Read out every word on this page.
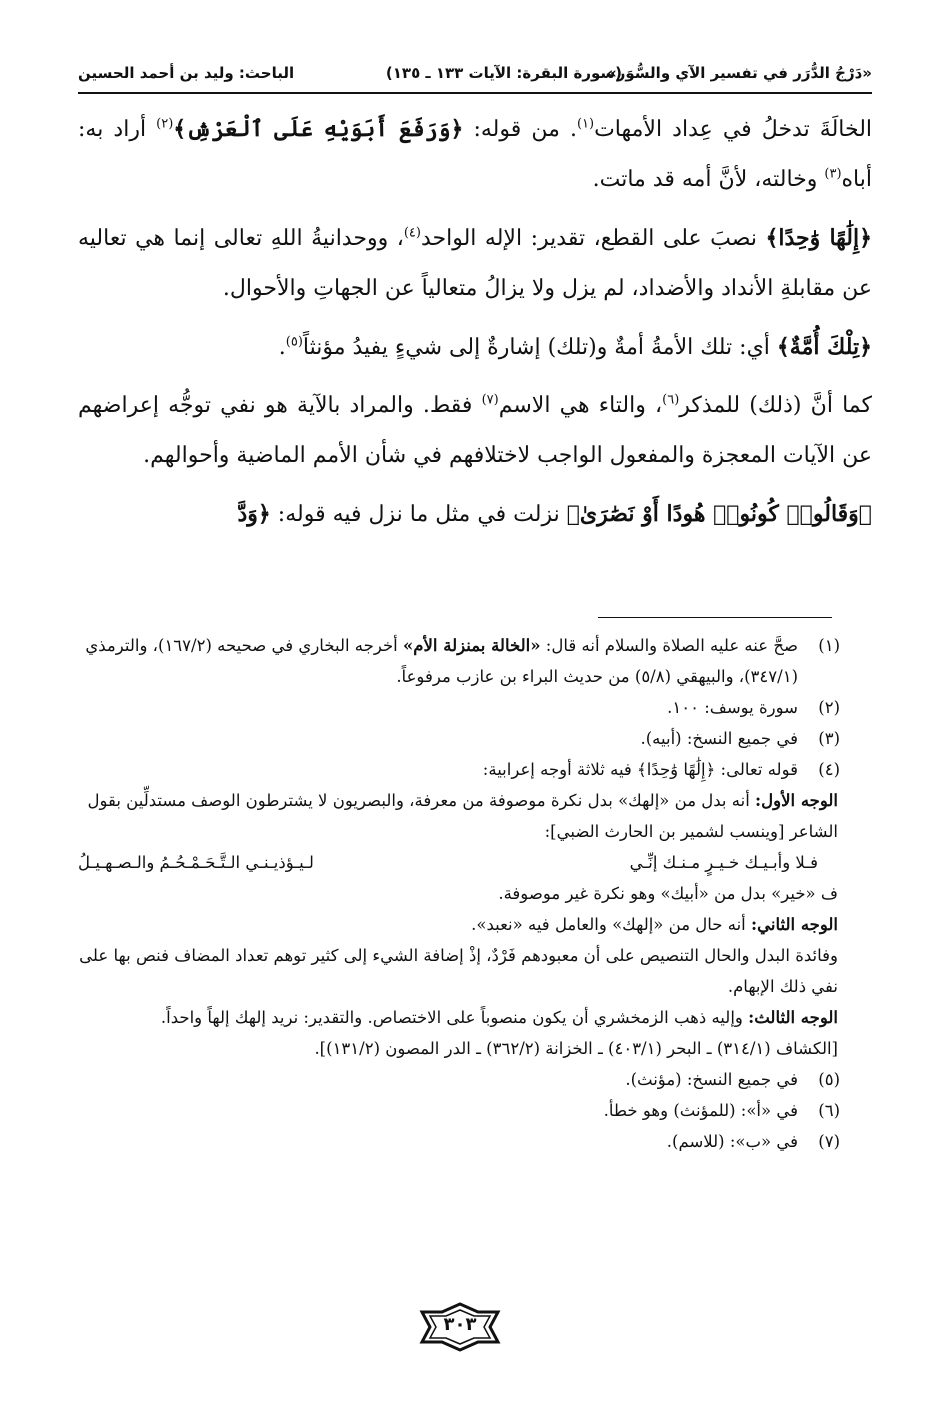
«دَرْجُ الدُّرَر في تفسير الآي والسُّوَر»
(سورة البقرة: الآيات ١٣٣ ـ ١٣٥)
الباحث: وليد بن أحمد الحسين

الخالَةَ تدخلُ في عِداد الأمهات$^{(١)}$. من قوله: ﴿وَرَفَعَ أَبَوَيْهِ عَلَى ٱلْعَرْشِ﴾$^{(٢)}$ أراد به: أباه$^{(٣)}$ وخالته، لأنَّ أمه قد ماتت.

﴿إِلَٰهًا وَٰحِدًا﴾ نصبَ على القطع، تقدير: الإله الواحد$^{(٤)}$، ووحدانيةُ اللهِ تعالى إنما هي تعاليه عن مقابلةِ الأنداد والأضداد، لم يزل ولا يزالُ متعالياً عن الجهاتِ والأحوال.

﴿تِلْكَ أُمَّةٌ﴾ أي: تلك الأمةُ أمةٌ و(تلك) إشارةٌ إلى شيءٍ يفيدُ مؤنثاً$^{(٥)}$.

كما أنَّ (ذلك) للمذكر$^{(٦)}$، والتاء هي الاسم$^{(٧)}$ فقط. والمراد بالآية هو نفي توجُّه إعراضهم عن الآيات المعجزة والمفعول الواجب لاختلافهم في شأن الأمم الماضية وأحوالهم.

﴿وَقَالُوا۟ كُونُوا۟ هُودًا أَوْ نَصَٰرَىٰ﴾ نزلت في مثل ما نزل فيه قوله: ﴿وَدَّ

(١)
صحَّ عنه عليه الصلاة والسلام أنه قال: «الخالة بمنزلة الأم» أخرجه البخاري في صحيحه (١٦٧/٢)، والترمذي (٣٤٧/١)، والبيهقي (٥/٨) من حديث البراء بن عازب مرفوعاً.

(٢)
سورة يوسف: ١٠٠.

(٣)
في جميع النسخ: (أبيه).

(٤)
قوله تعالى: ﴿إِلَٰهًا وَٰحِدًا﴾ فيه ثلاثة أوجه إعرابية:

الوجه الأول: أنه بدل من «إلهك» بدل نكرة موصوفة من معرفة، والبصريون لا يشترطون الوصف مستدلِّين بقول الشاعر [وينسب لشمير بن الحارث الضبي]:

فـلا وأبـيـك خـيـرٍ مـنـك إنِّـي
لـيـؤذيـنـي الـتَّـحَـمْـحُـمُ والـصـهـيـلُ

ف «خير» بدل من «أبيك» وهو نكرة غير موصوفة.

الوجه الثاني: أنه حال من «إلهك» والعامل فيه «نعبد».

وفائدة البدل والحال التنصيص على أن معبودهم فَرْدٌ، إذْ إضافة الشيء إلى كثير توهم تعداد المضاف فنص بها على نفي ذلك الإبهام.

الوجه الثالث: وإليه ذهب الزمخشري أن يكون منصوباً على الاختصاص. والتقدير: نريد إلهك إلهاً واحداً.

[الكشاف (٣١٤/١) ـ البحر (٤٠٣/١) ـ الخزانة (٣٦٢/٢) ـ الدر المصون (١٣١/٢)].

(٥)
في جميع النسخ: (مؤنث).

(٦)
في «أ»: (للمؤنث) وهو خطأ.

(٧)
في «ب»: (للاسم).

٣٠٣
